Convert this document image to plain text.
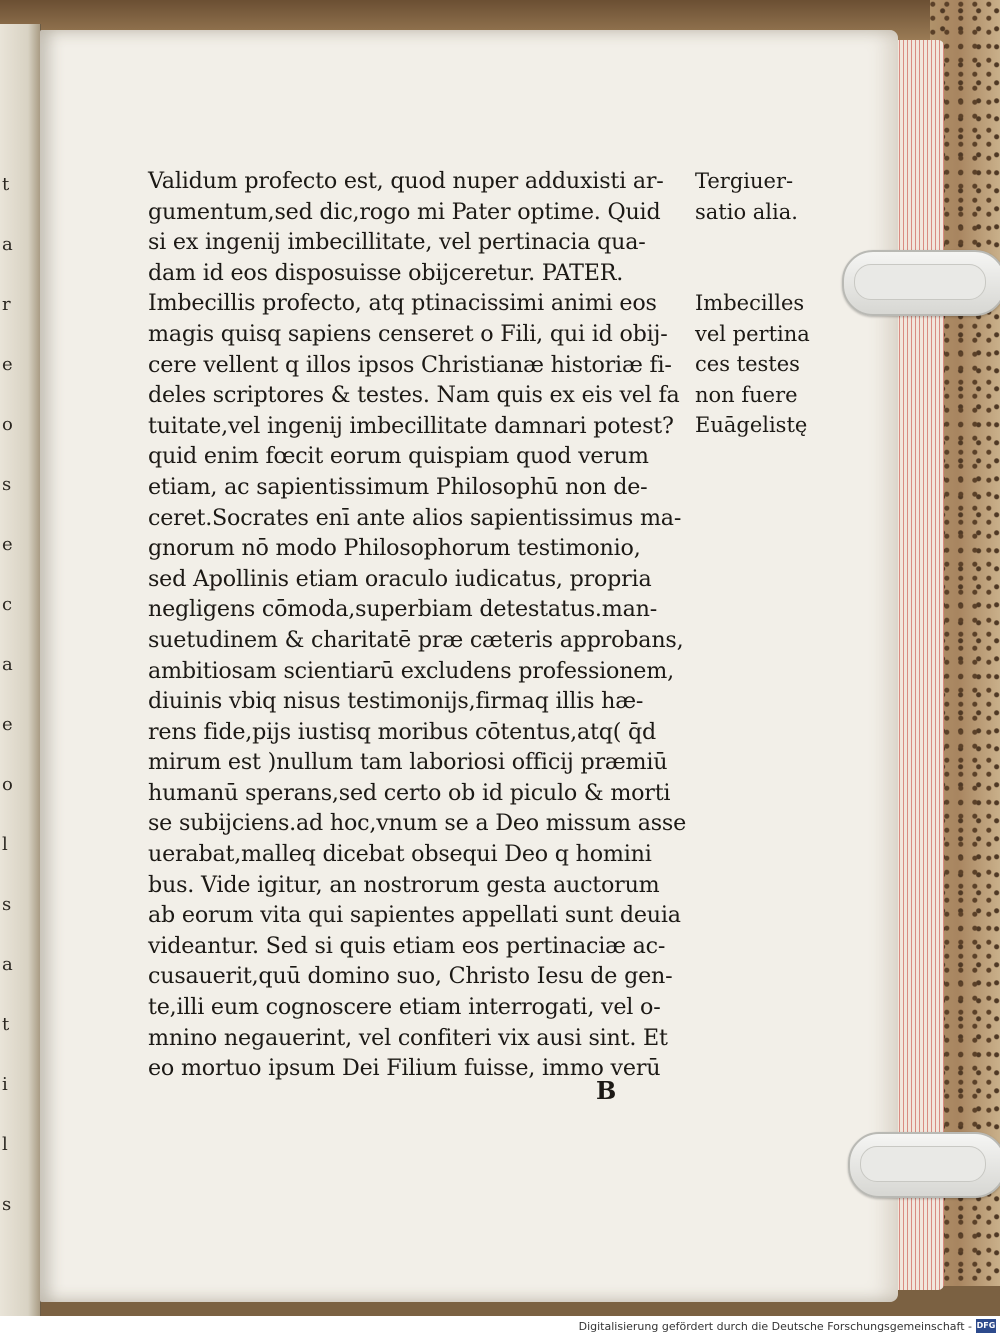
t
a
r
e
o
s
e
c
a
e
o
l
s
a
t
i
l
s
Validum profecto est, quod nuper adduxisti ar-
gumentum,sed dic,rogo mi Pater optime. Quid
si ex ingenij imbecillitate, vel pertinacia qua-
dam id eos disposuisse obijceretur. PATER.
Imbecillis profecto, atq ptinacissimi animi eos
magis quisq sapiens censeret o Fili, qui id obij-
cere vellent q illos ipsos Christianæ historiæ fi-
deles scriptores & testes. Nam quis ex eis vel fa
tuitate,vel ingenij imbecillitate damnari potest?
quid enim fœcit eorum quispiam quod verum
etiam, ac sapientissimum Philosophū non de-
ceret.Socrates enī ante alios sapientissimus ma-
gnorum nō modo Philosophorum testimonio,
sed Apollinis etiam oraculo iudicatus, propria
negligens cōmoda,superbiam detestatus.man-
suetudinem & charitatē præ cæteris approbans,
ambitiosam scientiarū excludens professionem,
diuinis vbiq nisus testimonijs,firmaq illis hæ-
rens fide,pijs iustisq moribus cōtentus,atq( q̄d
mirum est )nullum tam laboriosi officij præmiū
humanū sperans,sed certo ob id piculo & morti
se subijciens.ad hoc,vnum se a Deo missum asse
uerabat,malleq dicebat obsequi Deo q homini
bus. Vide igitur, an nostrorum gesta auctorum
ab eorum vita qui sapientes appellati sunt deuia
videantur. Sed si quis etiam eos pertinaciæ ac-
cusauerit,quū domino suo, Christo Iesu de gen-
te,illi eum cognoscere etiam interrogati, vel o-
mnino negauerint, vel confiteri vix ausi sint. Et
eo mortuo ipsum Dei Filium fuisse, immo verū
Tergiuer-
satio alia.
Imbecilles
vel pertina
ces testes
non fuere
Euāgelistę
B
Digitalisierung gefördert durch die Deutsche Forschungsgemeinschaft - DFG
